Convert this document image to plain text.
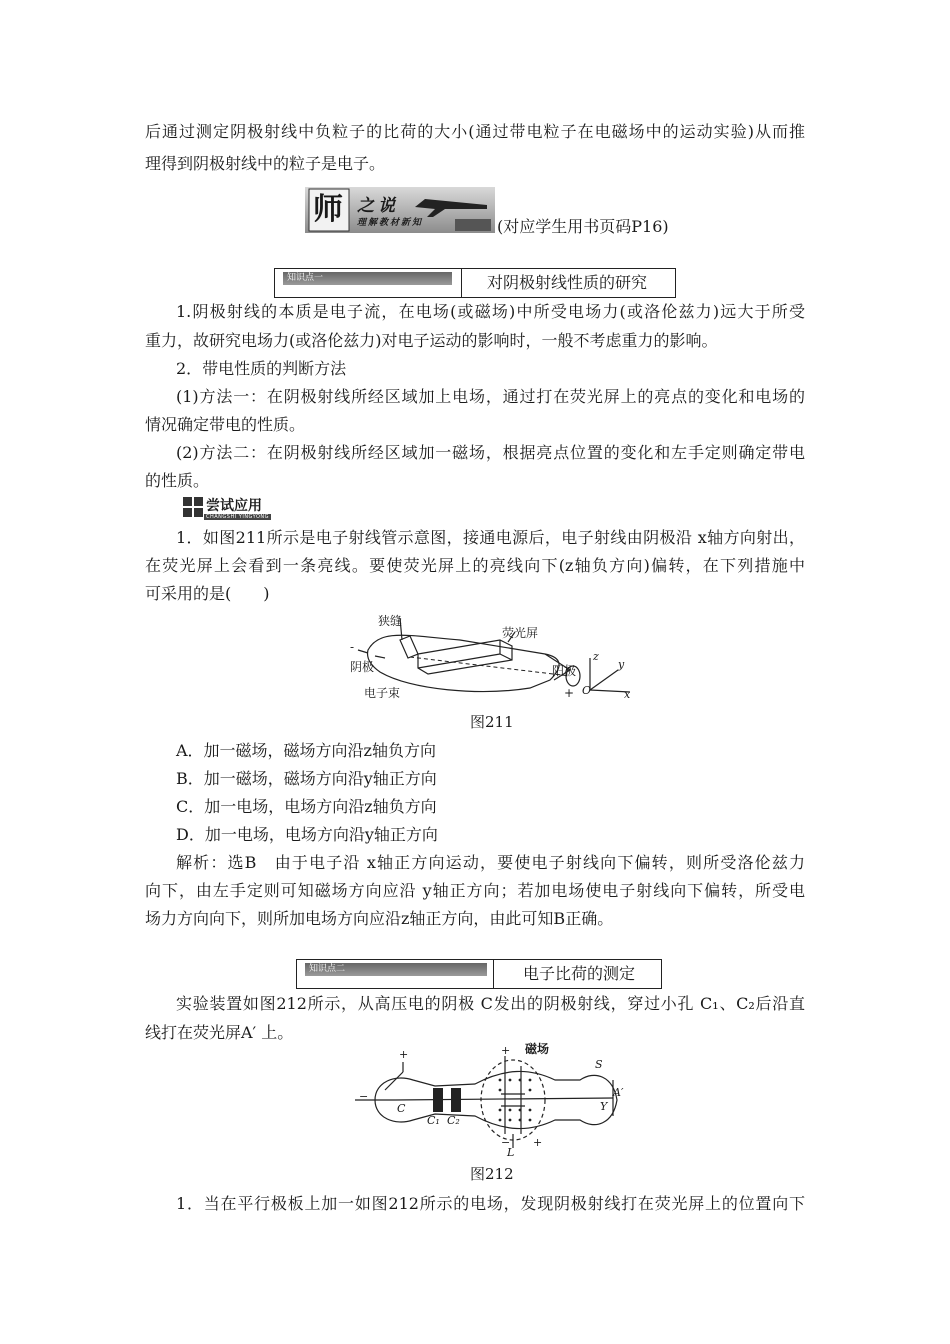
后通过测定阴极射线中负粒子的比荷的大小(通过带电粒子在电磁场中的运动实验)从而推
理得到阴极射线中的粒子是电子。
师 之说
理解教材新知	(对应学生用书页码P16)
知识点一	对阴极射线性质的研究
1.阴极射线的本质是电子流，在电场(或磁场)中所受电场力(或洛伦兹力)远大于所受
重力，故研究电场力(或洛伦兹力)对电子运动的影响时，一般不考虑重力的影响。
2．带电性质的判断方法
(1)方法一：在阴极射线所经区域加上电场，通过打在荧光屏上的亮点的变化和电场的
情况确定带电的性质。
(2)方法二：在阴极射线所经区域加一磁场，根据亮点位置的变化和左手定则确定带电
的性质。
尝试应用
CHANGSHI YINGYONG
1．如图211所示是电子射线管示意图，接通电源后，电子射线由阴极沿 x轴方向射出，
在荧光屏上会看到一条亮线。要使荧光屏上的亮线向下(z轴负方向)偏转，在下列措施中
可采用的是(　　)
狭缝
荧光屏
阴极
电子束
阳极
-
+
z
y
O	x
图211
A．加一磁场，磁场方向沿z轴负方向
B．加一磁场，磁场方向沿y轴正方向
C．加一电场，电场方向沿z轴负方向
D．加一电场，电场方向沿y轴正方向
解析：选B　由于电子沿 x轴正方向运动，要使电子射线向下偏转，则所受洛伦兹力
向下，由左手定则可知磁场方向应沿 y轴正方向；若加电场使电子射线向下偏转，所受电
场力方向向下，则所加电场方向应沿z轴正方向，由此可知B正确。
知识点二	电子比荷的测定
实验装置如图212所示，从高压电的阴极 C发出的阴极射线，穿过小孔 C₁、C₂后沿直
线打在荧光屏A′ 上。
磁场
S
A′
Y
C
C₁ C₂
L
+
−
+
− +
图212
1．当在平行极板上加一如图212所示的电场，发现阴极射线打在荧光屏上的位置向下
